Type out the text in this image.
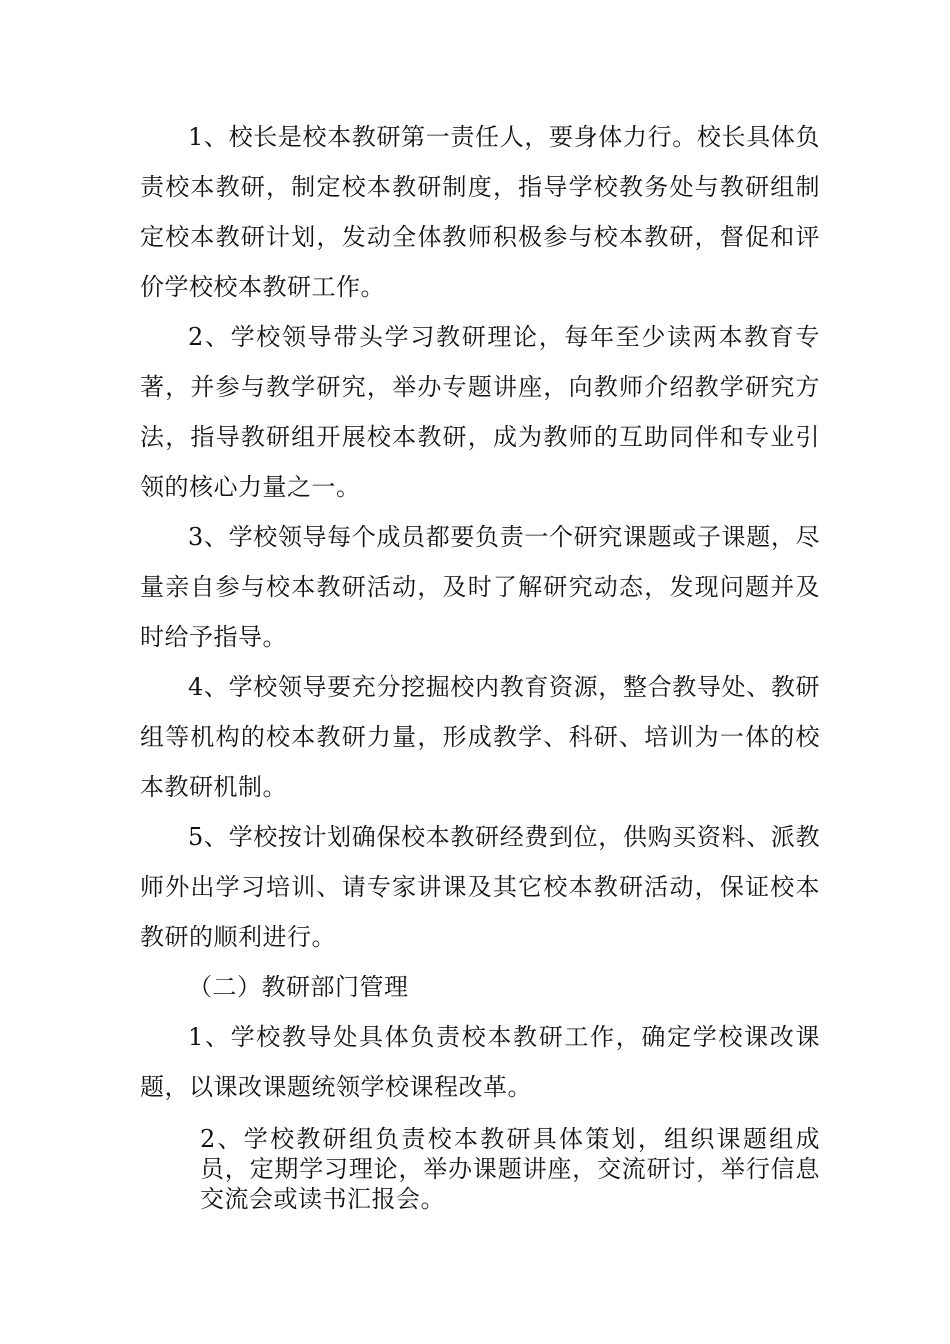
1、校长是校本教研第一责任人，要身体力行。校长具体负责校本教研，制定校本教研制度，指导学校教务处与教研组制定校本教研计划，发动全体教师积极参与校本教研，督促和评价学校校本教研工作。

2、学校领导带头学习教研理论，每年至少读两本教育专著，并参与教学研究，举办专题讲座，向教师介绍教学研究方法，指导教研组开展校本教研，成为教师的互助同伴和专业引领的核心力量之一。

3、学校领导每个成员都要负责一个研究课题或子课题，尽量亲自参与校本教研活动，及时了解研究动态，发现问题并及时给予指导。

4、学校领导要充分挖掘校内教育资源，整合教导处、教研组等机构的校本教研力量，形成教学、科研、培训为一体的校本教研机制。

5、学校按计划确保校本教研经费到位，供购买资料、派教师外出学习培训、请专家讲课及其它校本教研活动，保证校本教研的顺利进行。

（二）教研部门管理

1、学校教导处具体负责校本教研工作，确定学校课改课题，以课改课题统领学校课程改革。

2、学校教研组负责校本教研具体策划，组织课题组成员，定期学习理论，举办课题讲座，交流研讨，举行信息交流会或读书汇报会。
